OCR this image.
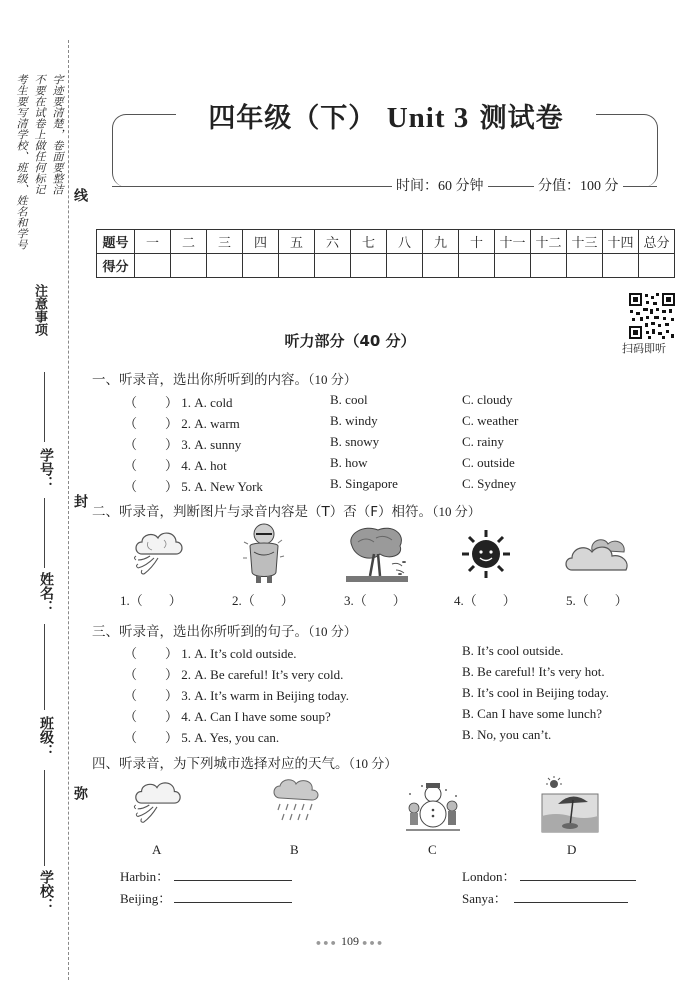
考生要写清学校、班级、姓名和学号 不要在试卷上做任何标记 字迹要清楚，卷面要整洁
注意事项
学号：
姓名：
班级：
学校：
线
封
弥
四年级（下） Unit 3 测试卷
时间：60 分钟	分值：100 分
题号	一	二	三	四	五	六	七	八	九	十	十一	十二	十三	十四	总分
得分															
扫码即听
听力部分（40 分）
一、听录音，选出你所听到的内容。（10 分）
（ ） 1. A. cold	B. cool	C. cloudy
（ ） 2. A. warm	B. windy	C. weather
（ ） 3. A. sunny	B. snowy	C. rainy
（ ） 4. A. hot	B. how	C. outside
（ ） 5. A. New York	B. Singapore	C. Sydney
二、听录音，判断图片与录音内容是（T）否（F）相符。（10 分）
1.（　　）	2.（　　）	3.（　　）	4.（　　）	5.（　　）
三、听录音，选出你所听到的句子。（10 分）
（ ） 1. A. It’s cold outside.	B. It’s cool outside.
（ ） 2. A. Be careful! It’s very cold.	B. Be careful! It’s very hot.
（ ） 3. A. It’s warm in Beijing today.	B. It’s cool in Beijing today.
（ ） 4. A. Can I have some soup?	B. Can I have some lunch?
（ ） 5. A. Yes, you can.	B. No, you can’t.
四、听录音，为下列城市选择对应的天气。（10 分）
A	B	C	D
Harbin：	London：
Beijing：	Sanya：
●●● 109 ●●●
